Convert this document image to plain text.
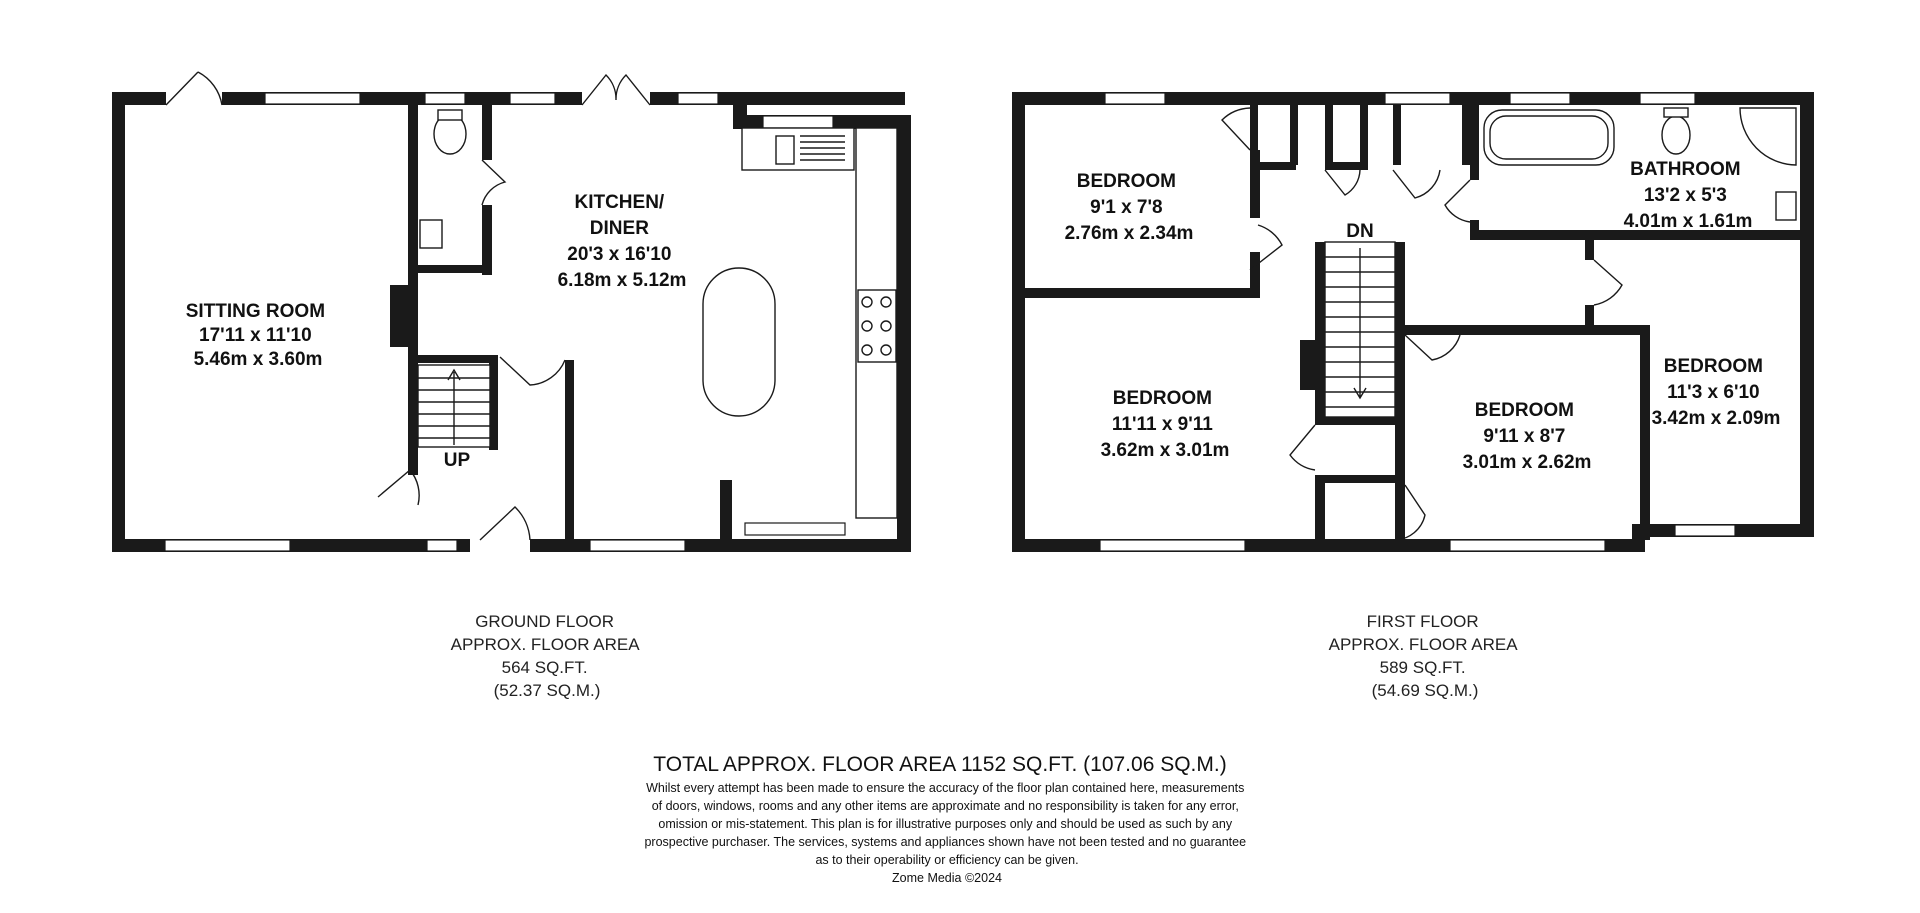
SITTING ROOM 17'11 x 11'10 5.46m x 3.60m
KITCHEN/ DINER 20'3 x 16'10 6.18m x 5.12m
UP
BEDROOM 9'1 x 7'8 2.76m x 2.34m
BEDROOM 11'11 x 9'11 3.62m x 3.01m
BEDROOM 9'11 x 8'7 3.01m x 2.62m
BEDROOM 11'3 x 6'10 3.42m x 2.09m
BATHROOM 13'2 x 5'3 4.01m x 1.61m
DN
GROUND FLOOR APPROX. FLOOR AREA 564 SQ.FT. (52.37 SQ.M.)
FIRST FLOOR APPROX. FLOOR AREA 589 SQ.FT. (54.69 SQ.M.)
TOTAL APPROX. FLOOR AREA 1152 SQ.FT. (107.06 SQ.M.)
Whilst every attempt has been made to ensure the accuracy of the floor plan contained here, measurements of doors, windows, rooms and any other items are approximate and no responsibility is taken for any error, omission or mis-statement. This plan is for illustrative purposes only and should be used as such by any prospective purchaser. The services, systems and appliances shown have not been tested and no guarantee as to their operability or efficiency can be given.
Zome Media ©2024
